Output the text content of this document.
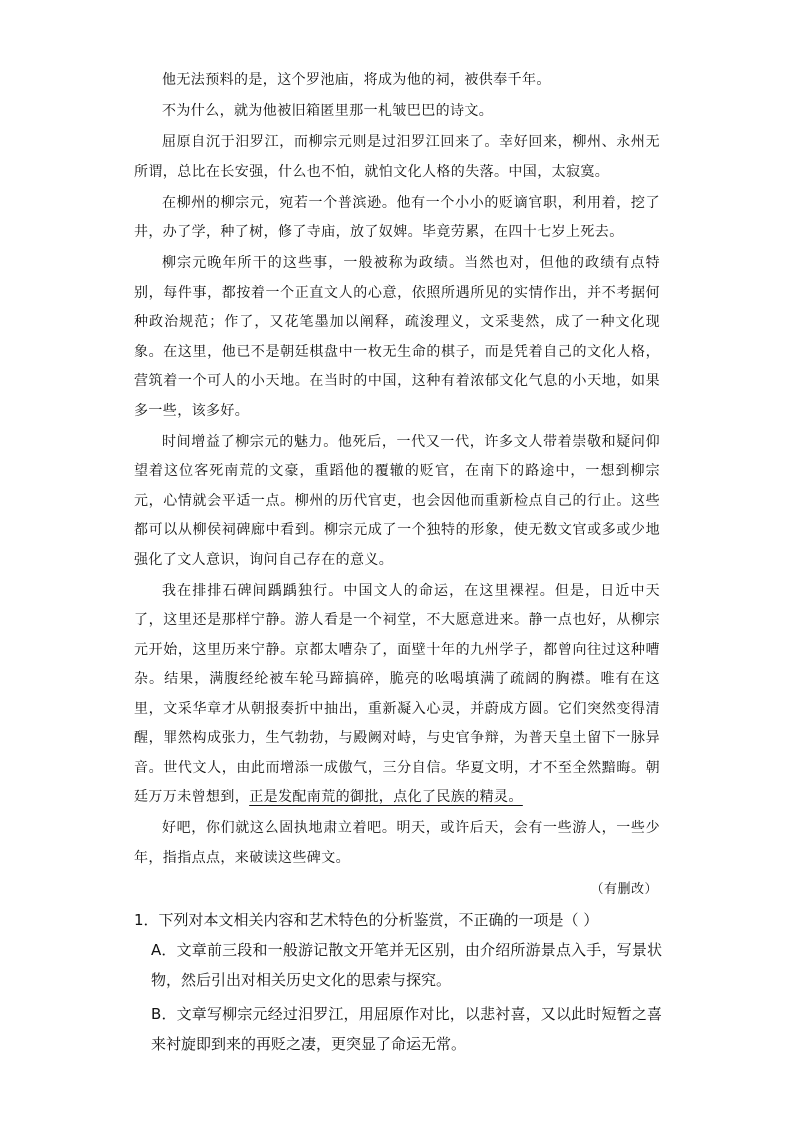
他无法预料的是，这个罗池庙，将成为他的祠，被供奉千年。

不为什么，就为他被旧箱匿里那一札皱巴巴的诗文。

屈原自沉于汨罗江，而柳宗元则是过汨罗江回来了。幸好回来，柳州、永州无所谓，总比在长安强，什么也不怕，就怕文化人格的失落。中国，太寂寞。

在柳州的柳宗元，宛若一个普滨逊。他有一个小小的贬谪官职，利用着，挖了井，办了学，种了树，修了寺庙，放了奴婢。毕竟劳累，在四十七岁上死去。

柳宗元晚年所干的这些事，一般被称为政绩。当然也对，但他的政绩有点特别，每件事，都按着一个正直文人的心意，依照所遇所见的实情作出，并不考据何种政治规范；作了，又花笔墨加以阐释，疏浚理义，文采斐然，成了一种文化现象。在这里，他已不是朝廷棋盘中一枚无生命的棋子，而是凭着自己的文化人格，营筑着一个可人的小天地。在当时的中国，这种有着浓郁文化气息的小天地，如果多一些，该多好。

时间增益了柳宗元的魅力。他死后，一代又一代，许多文人带着崇敬和疑问仰望着这位客死南荒的文豪，重蹈他的覆辙的贬官，在南下的路途中，一想到柳宗元，心情就会平适一点。柳州的历代官吏，也会因他而重新检点自己的行止。这些都可以从柳侯祠碑廊中看到。柳宗元成了一个独特的形象，使无数文官或多或少地强化了文人意识，询问自己存在的意义。

我在排排石碑间踽踽独行。中国文人的命运，在这里裸裎。但是，日近中天了，这里还是那样宁静。游人看是一个祠堂，不大愿意进来。静一点也好，从柳宗元开始，这里历来宁静。京都太嘈杂了，面壁十年的九州学子，都曾向往过这种嘈杂。结果，满腹经纶被车轮马蹄搞碎，脆亮的吆喝填满了疏阔的胸襟。唯有在这里，文采华章才从朝报奏折中抽出，重新凝入心灵，并蔚成方圆。它们突然变得清醒，罪然构成张力，生气勃勃，与殿阙对峙，与史官争辩，为普天皇土留下一脉异音。世代文人，由此而增添一成傲气，三分自信。华夏文明，才不至全然黯晦。朝廷万万未曾想到，正是发配南荒的御批，点化了民族的精灵。

好吧，你们就这么固执地肃立着吧。明天，或许后天，会有一些游人，一些少年，指指点点，来破读这些碑文。

（有删改）

1．下列对本文相关内容和艺术特色的分析鉴赏，不正确的一项是（ ）

A．文章前三段和一般游记散文开笔并无区别，由介绍所游景点入手，写景状物，然后引出对相关历史文化的思索与探究。

B．文章写柳宗元经过汨罗江，用屈原作对比，以悲衬喜，又以此时短暂之喜来衬旋即到来的再贬之凄，更突显了命运无常。
